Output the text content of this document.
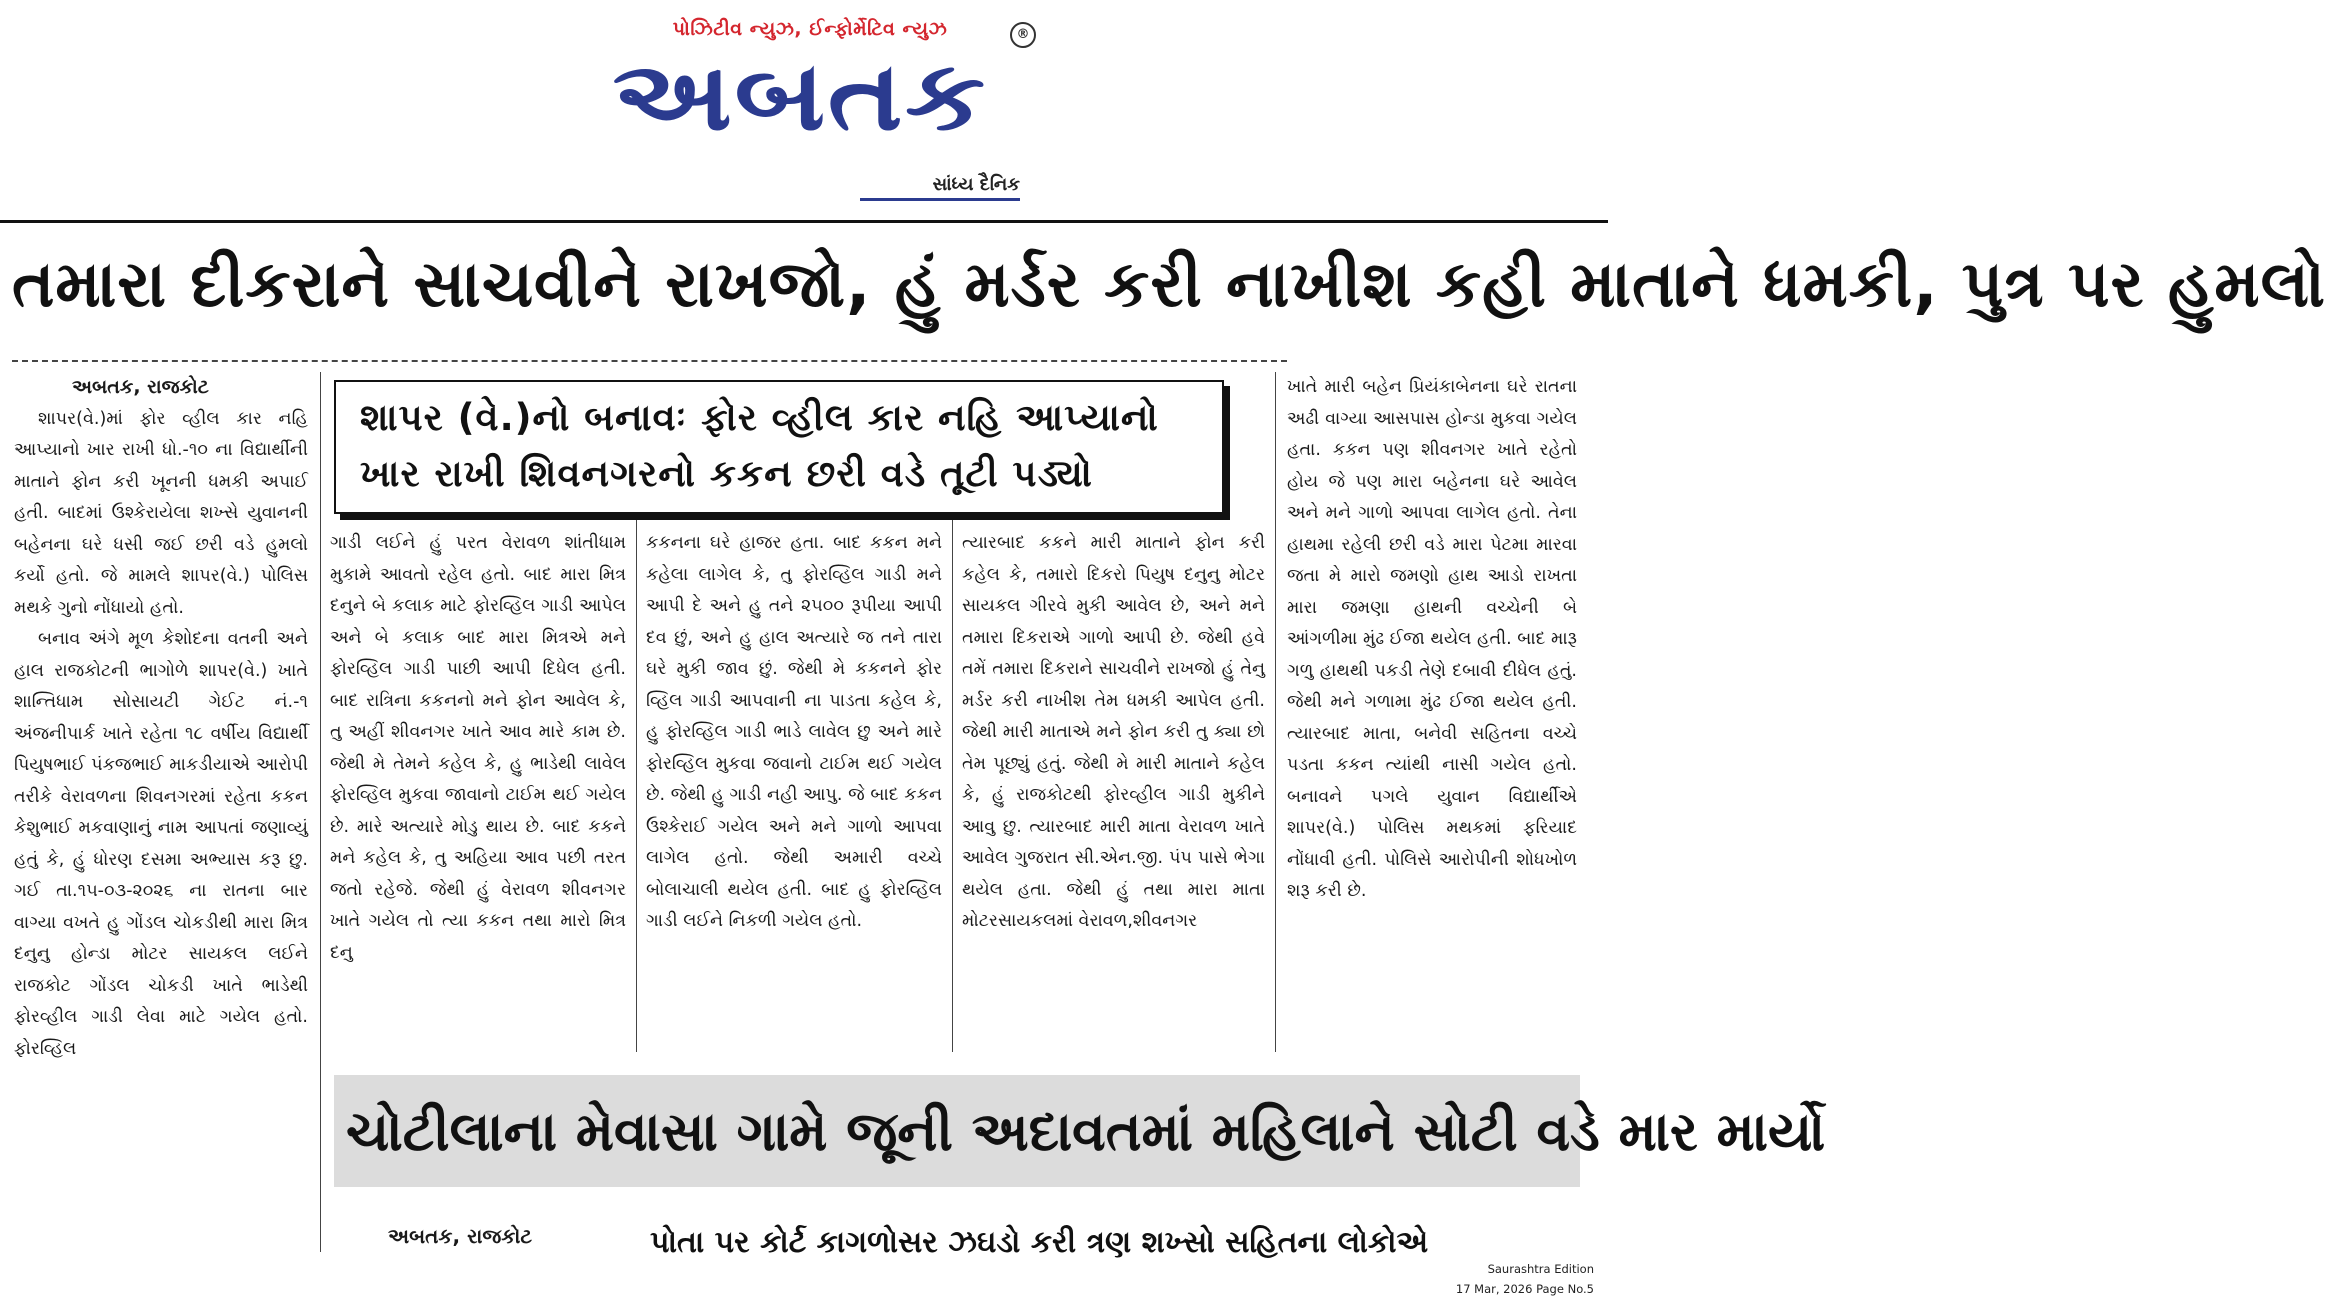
પોઝિટીવ ન્યુઝ, ઈન્ફોર્મેટિવ ન્યુઝ	®
અબતક
સાંધ્ય દૈનિક
તમારા દીકરાને સાચવીને રાખજો, હું મર્ડર કરી નાખીશ કહી માતાને ધમકી, પુત્ર પર હુમલો
શાપર (વે.)નો બનાવઃ ફોર વ્હીલ કાર નહિ આપ્યાનો
ખાર રાખી શિવનગરનો કકન છરી વડે તૂટી પડ્યો
અબતક, રાજકોટ
શાપર(વે.)માં ફોર વ્હીલ કાર નહિ આપ્યાનો ખાર રાખી ધો.-૧૦ ના વિદ્યાર્થીની માતાને ફોન કરી ખૂનની ધમકી અપાઈ હતી. બાદમાં ઉશ્કેરાયેલા શખ્સે યુવાનની બહેનના ઘરે ધસી જઈ છરી વડે હુમલો કર્યો હતો. જે મામલે શાપર(વે.) પોલિસ મથકે ગુનો નોંધાયો હતો.
બનાવ અંગે મૂળ કેશોદના વતની અને હાલ રાજકોટની ભાગોળે શાપર(વે.) ખાતે શાન્તિધામ સોસાયટી ગેઈટ નં.-૧ અંજનીપાર્ક ખાતે રહેતા ૧૮ વર્ષીય વિદ્યાર્થી પિયુષભાઈ પંકજભાઈ માકડીયાએ આરોપી તરીકે વેરાવળના શિવનગરમાં રહેતા કકન કેશુભાઈ મકવાણાનું નામ આપતાં જણાવ્યું હતું કે, હું ધોરણ દસમા અભ્યાસ કરૂ છુ. ગઈ તા.૧૫-૦૩-૨૦૨૬ ના રાતના બાર વાગ્યા વખતે હુ ગોંડલ ચોકડીથી મારા મિત્ર દનુનુ હોન્ડા મોટર સાયકલ લઈને રાજકોટ ગોંડલ ચોકડી ખાતે ભાડેથી ફોરવ્હીલ ગાડી લેવા માટે ગયેલ હતો. ફોરવ્હિલ
ગાડી લઈને હું પરત વેરાવળ શાંતીધામ મુકામે આવતો રહેલ હતો. બાદ મારા મિત્ર દનુને બે કલાક માટે ફોરવ્હિલ ગાડી આપેલ અને બે કલાક બાદ મારા મિત્રએ મને ફોરવ્હિલ ગાડી પાછી આપી દિધેલ હતી. બાદ રાત્રિના કકનનો મને ફોન આવેલ કે, તુ અહીં શીવનગર ખાતે આવ મારે કામ છે. જેથી મે તેમને કહેલ કે, હુ ભાડેથી લાવેલ ફોરવ્હિલ મુકવા જાવાનો ટાઈમ થઈ ગયેલ છે. મારે અત્યારે મોડુ થાય છે. બાદ કકને મને કહેલ કે, તુ અહિયા આવ પછી તરત જતો રહેજે. જેથી હું વેરાવળ શીવનગર ખાતે ગયેલ તો ત્યા કકન તથા મારો મિત્ર દનુ
કકનના ઘરે હાજર હતા. બાદ કકન મને કહેલા લાગેલ કે, તુ ફોરવ્હિલ ગાડી મને આપી દે અને હુ તને ૨૫૦૦ રૂપીયા આપી દવ છું, અને હુ હાલ અત્યારે જ તને તારા ઘરે મુકી જાવ છું. જેથી મે કકનને ફોર વ્હિલ ગાડી આપવાની ના પાડતા કહેલ કે, હુ ફોરવ્હિલ ગાડી ભાડે લાવેલ છુ અને મારે ફોરવ્હિલ મુકવા જવાનો ટાઈમ થઈ ગયેલ છે. જેથી હુ ગાડી નહી આપુ. જે બાદ કકન ઉશ્કેરાઈ ગયેલ અને મને ગાળો આપવા લાગેલ હતો. જેથી અમારી વચ્ચે બોલાચાલી થયેલ હતી. બાદ હુ ફોરવ્હિલ ગાડી લઈને નિકળી ગયેલ હતો.
ત્યારબાદ કકને મારી માતાને ફોન કરી કહેલ કે, તમારો દિકરો પિયુષ દનુનુ મોટર સાયકલ ગીરવે મુકી આવેલ છે, અને મને તમારા દિકરાએ ગાળો આપી છે. જેથી હવે તમેં તમારા દિકરાને સાચવીને રાખજો હું તેનુ મર્ડર કરી નાખીશ તેમ ધમકી આપેલ હતી. જેથી મારી માતાએ મને ફોન કરી તુ ક્યા છો તેમ પૂછ્યું હતું. જેથી મે મારી માતાને કહેલ કે, હું રાજકોટથી ફોરવ્હીલ ગાડી મુકીને આવુ છુ. ત્યારબાદ મારી માતા વેરાવળ ખાતે આવેલ ગુજરાત સી.એન.જી. પંપ પાસે ભેગા થયેલ હતા. જેથી હું તથા મારા માતા મોટરસાયકલમાં વેરાવળ,શીવનગર
ખાતે મારી બહેન પ્રિયંકાબેનના ઘરે રાતના અઢી વાગ્યા આસપાસ હોન્ડા મુકવા ગયેલ હતા. કકન પણ શીવનગર ખાતે રહેતો હોય જે પણ મારા બહેનના ઘરે આવેલ અને મને ગાળો આપવા લાગેલ હતો. તેના હાથમા રહેલી છરી વડે મારા પેટમા મારવા જતા મે મારો જમણો હાથ આડો રાખતા મારા જમણા હાથની વચ્ચેની બે આંગળીમા મુંઢ ઈજા થયેલ હતી. બાદ મારૂ ગળુ હાથથી પકડી તેણે દબાવી દીધેલ હતું. જેથી મને ગળામા મુંઢ ઈજા થયેલ હતી. ત્યારબાદ માતા, બનેવી સહિતના વચ્ચે પડતા કકન ત્યાંથી નાસી ગયેલ હતો. બનાવને પગલે યુવાન વિદ્યાર્થીએ શાપર(વે.) પોલિસ મથકમાં ફરિયાદ નોંધાવી હતી. પોલિસે આરોપીની શોધખોળ શરૂ કરી છે.
ચોટીલાના મેવાસા ગામે જૂની અદાવતમાં મહિલાને સોટી વડે માર માર્યો
અબતક, રાજકોટ	પોતા પર કોર્ટ કાગળોસર ઝઘડો કરી ત્રણ શખ્સો સહિતના લોકોએ
Saurashtra Edition
17 Mar, 2026 Page No.5
